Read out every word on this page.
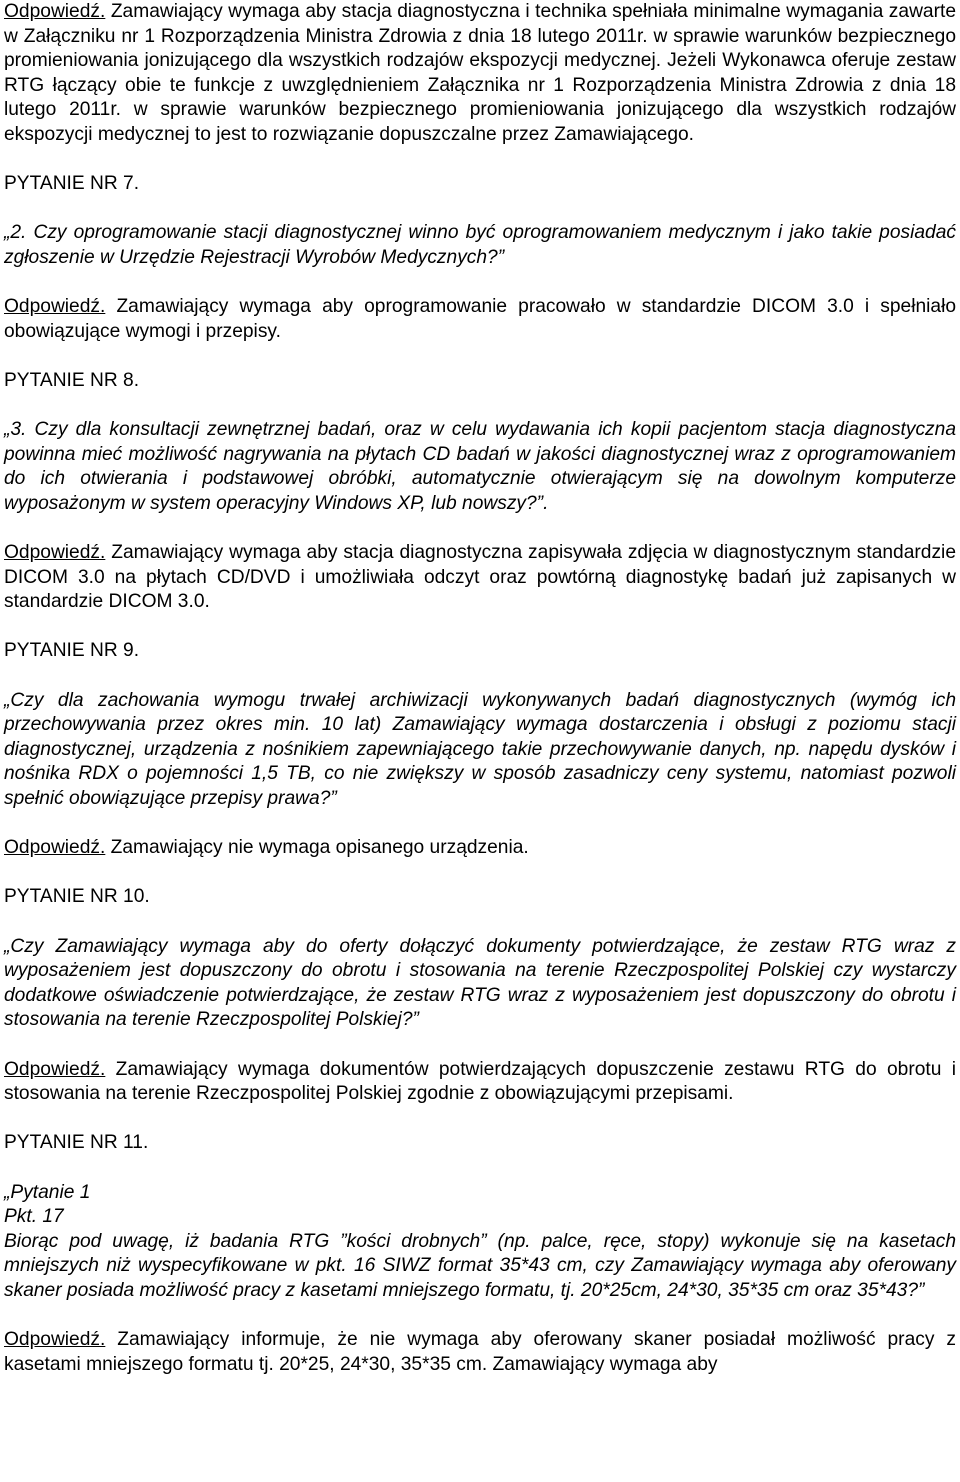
Odpowiedź. Zamawiający wymaga aby stacja diagnostyczna i technika spełniała minimalne wymagania zawarte w Załączniku nr 1 Rozporządzenia Ministra Zdrowia z dnia 18 lutego 2011r. w sprawie warunków bezpiecznego promieniowania jonizującego dla wszystkich rodzajów ekspozycji medycznej. Jeżeli Wykonawca oferuje zestaw RTG łączący obie te funkcje z uwzględnieniem Załącznika nr 1 Rozporządzenia Ministra Zdrowia z dnia 18 lutego 2011r. w sprawie warunków bezpiecznego promieniowania jonizującego dla wszystkich rodzajów ekspozycji medycznej to jest to rozwiązanie dopuszczalne przez Zamawiającego.

PYTANIE NR 7.

„2. Czy oprogramowanie stacji diagnostycznej winno być oprogramowaniem medycznym i jako takie posiadać zgłoszenie w Urzędzie Rejestracji Wyrobów Medycznych?”

Odpowiedź. Zamawiający wymaga aby oprogramowanie pracowało w standardzie DICOM 3.0 i spełniało obowiązujące wymogi i przepisy.

PYTANIE NR 8.

„3. Czy dla konsultacji zewnętrznej badań, oraz w celu wydawania ich kopii pacjentom stacja diagnostyczna powinna mieć możliwość nagrywania na płytach CD badań w jakości diagnostycznej wraz z oprogramowaniem do ich otwierania i podstawowej obróbki, automatycznie otwierającym się na dowolnym komputerze wyposażonym w system operacyjny Windows XP, lub nowszy?”.

Odpowiedź. Zamawiający wymaga aby stacja diagnostyczna zapisywała zdjęcia w diagnostycznym standardzie DICOM 3.0 na płytach CD/DVD i umożliwiała odczyt oraz powtórną diagnostykę badań już zapisanych w standardzie DICOM 3.0.

PYTANIE NR 9.

„Czy dla zachowania wymogu trwałej archiwizacji wykonywanych badań diagnostycznych (wymóg ich przechowywania przez okres min. 10 lat) Zamawiający wymaga dostarczenia i obsługi z poziomu stacji diagnostycznej, urządzenia z nośnikiem zapewniającego takie przechowywanie danych, np. napędu dysków i nośnika RDX o pojemności 1,5 TB, co nie zwiększy w sposób zasadniczy ceny systemu, natomiast pozwoli spełnić obowiązujące przepisy prawa?”

Odpowiedź. Zamawiający nie wymaga opisanego urządzenia.

PYTANIE NR 10.

„Czy Zamawiający wymaga aby do oferty dołączyć dokumenty potwierdzające, że zestaw RTG wraz z wyposażeniem jest dopuszczony do obrotu i stosowania na terenie Rzeczpospolitej Polskiej czy wystarczy dodatkowe oświadczenie potwierdzające, że zestaw RTG wraz z wyposażeniem jest dopuszczony do obrotu i stosowania na terenie Rzeczpospolitej Polskiej?”

Odpowiedź. Zamawiający wymaga dokumentów potwierdzających dopuszczenie zestawu RTG do obrotu i stosowania na terenie Rzeczpospolitej Polskiej zgodnie z obowiązującymi przepisami.

PYTANIE NR 11.

„Pytanie 1

Pkt. 17

Biorąc pod uwagę, iż badania RTG ”kości drobnych” (np. palce, ręce, stopy) wykonuje się na kasetach mniejszych niż wyspecyfikowane w pkt. 16 SIWZ format 35*43 cm, czy Zamawiający wymaga aby oferowany skaner posiada możliwość pracy z kasetami mniejszego formatu, tj. 20*25cm, 24*30, 35*35 cm oraz 35*43?”

Odpowiedź. Zamawiający informuje, że nie wymaga aby oferowany skaner posiadał możliwość pracy z kasetami mniejszego formatu tj. 20*25, 24*30, 35*35 cm. Zamawiający wymaga aby
